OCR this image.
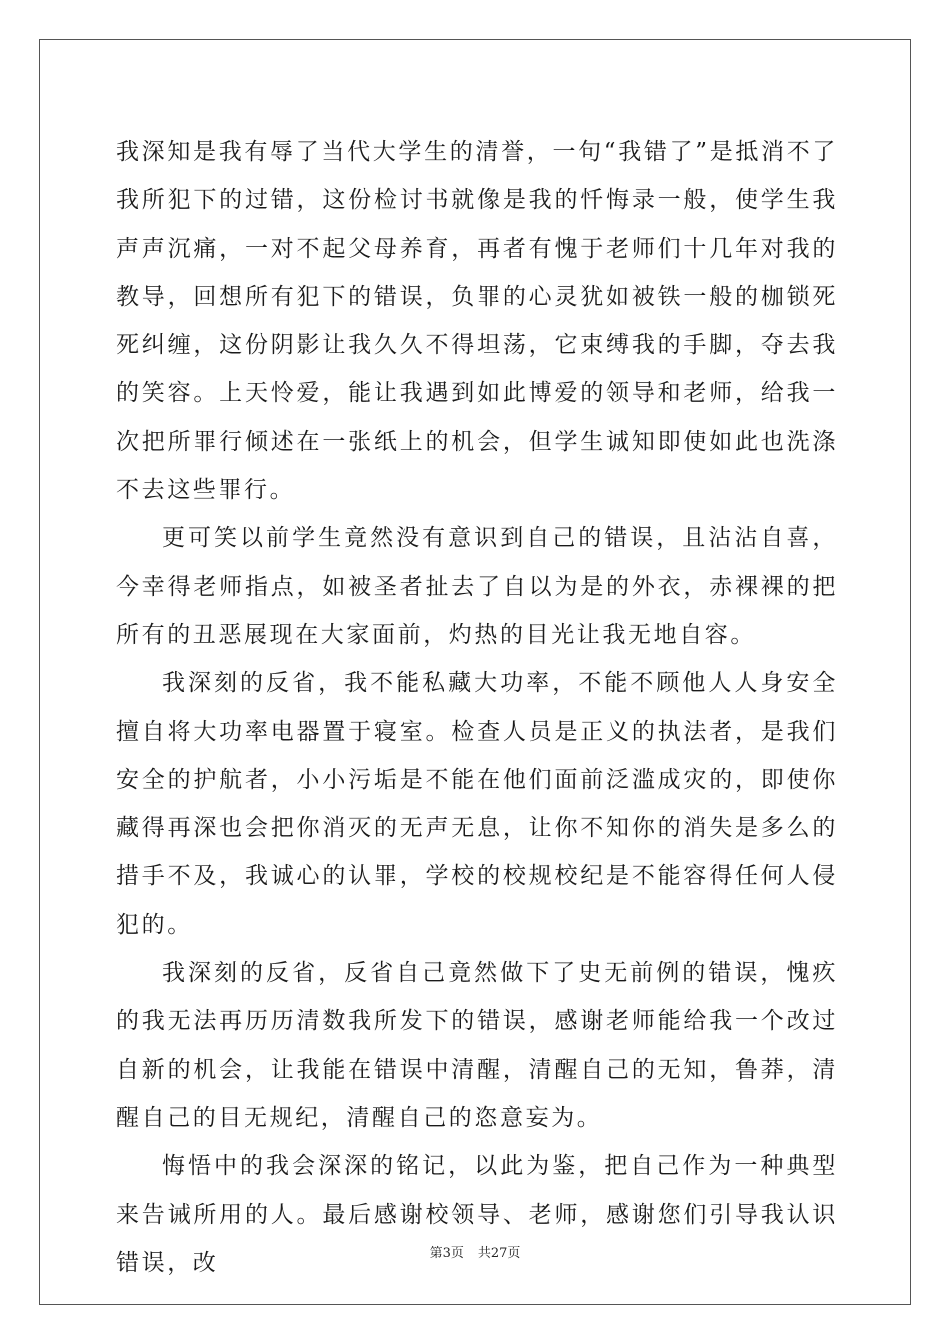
我深知是我有辱了当代大学生的清誉，一句“我错了”是抵消不了我所犯下的过错，这份检讨书就像是我的忏悔录一般，使学生我声声沉痛，一对不起父母养育，再者有愧于老师们十几年对我的教导，回想所有犯下的错误，负罪的心灵犹如被铁一般的枷锁死死纠缠，这份阴影让我久久不得坦荡，它束缚我的手脚，夺去我的笑容。上天怜爱，能让我遇到如此博爱的领导和老师，给我一次把所罪行倾述在一张纸上的机会，但学生诚知即使如此也洗涤不去这些罪行。

更可笑以前学生竟然没有意识到自己的错误，且沾沾自喜，今幸得老师指点，如被圣者扯去了自以为是的外衣，赤裸裸的把所有的丑恶展现在大家面前，灼热的目光让我无地自容。

我深刻的反省，我不能私藏大功率，不能不顾他人人身安全擅自将大功率电器置于寝室。检查人员是正义的执法者，是我们安全的护航者，小小污垢是不能在他们面前泛滥成灾的，即使你藏得再深也会把你消灭的无声无息，让你不知你的消失是多么的措手不及，我诚心的认罪，学校的校规校纪是不能容得任何人侵犯的。

我深刻的反省，反省自己竟然做下了史无前例的错误，愧疚的我无法再历历清数我所发下的错误，感谢老师能给我一个改过自新的机会，让我能在错误中清醒，清醒自己的无知，鲁莽，清醒自己的目无规纪，清醒自己的恣意妄为。

悔悟中的我会深深的铭记，以此为鉴，把自己作为一种典型来告诫所用的人。最后感谢校领导、老师，感谢您们引导我认识错误，改	第3页 共27页
